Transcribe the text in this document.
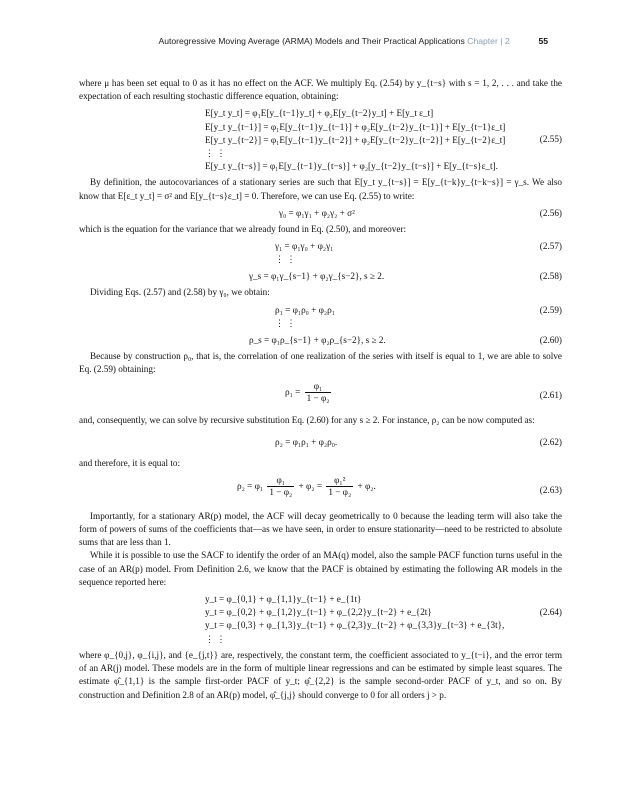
Autoregressive Moving Average (ARMA) Models and Their Practical Applications Chapter | 2	55

where μ has been set equal to 0 as it has no effect on the ACF. We multiply Eq. (2.54) by y_{t−s} with s = 1, 2, . . . and take the expectation of each resulting stochastic difference equation, obtaining:

E[y_t y_t] = φ₁E[y_{t−1}y_t] + φ₂E[y_{t−2}y_t] + E[y_t ε_t]
E[y_t y_{t−1}] = φ₁E[y_{t−1}y_{t−1}] + φ₂E[y_{t−2}y_{t−1}] + E[y_{t−1}ε_t]
E[y_t y_{t−2}] = φ₁E[y_{t−1}y_{t−2}] + φ₂E[y_{t−2}y_{t−2}] + E[y_{t−2}ε_t]
⋮ ⋮
E[y_t y_{t−s}] = φ₁E[y_{t−1}y_{t−s}] + φ₂[y_{t−2}y_{t−s}] + E[y_{t−s}ε_t].
(2.55)

By definition, the autocovariances of a stationary series are such that E[y_t y_{t−s}] = E[y_{t−k}y_{t−k−s}] = γ_s. We also know that E[ε_t y_t] = σ² and E[y_{t−s}ε_t] = 0. Therefore, we can use Eq. (2.55) to write:

γ₀ = φ₁γ₁ + φ₂γ₂ + σ²	(2.56)

which is the equation for the variance that we already found in Eq. (2.50), and moreover:

γ₁ = φ₁γ₀ + φ₂γ₁
⋮ ⋮
(2.57)
γ_s = φ₁γ_{s−1} + φ₂γ_{s−2}, s ≥ 2.	(2.58)

Dividing Eqs. (2.57) and (2.58) by γ₀, we obtain:

ρ₁ = φ₁ρ₀ + φ₂ρ₁
⋮ ⋮
(2.59)
ρ_s = φ₁ρ_{s−1} + φ₂ρ_{s−2}, s ≥ 2.	(2.60)

Because by construction ρ₀, that is, the correlation of one realization of the series with itself is equal to 1, we are able to solve Eq. (2.59) obtaining:

$\rho_1 = \frac{\text{φ₁}}{\text{1 − φ₂}}$	(2.61)

and, consequently, we can solve by recursive substitution Eq. (2.60) for any s ≥ 2. For instance, ρ₂ can be now computed as:

ρ₂ = φ₁ρ₁ + φ₂ρ₀.	(2.62)

and therefore, it is equal to:

$\rho_2 = \varphi_1 \frac{\text{φ₁}}{\text{1 − φ₂}} + \varphi_2 = \frac{\text{φ₁²}}{\text{1 − φ₂}} + \varphi_2$.	(2.63)

Importantly, for a stationary AR(p) model, the ACF will decay geometrically to 0 because the leading term will also take the form of powers of sums of the coefficients that—as we have seen, in order to ensure stationarity—need to be restricted to absolute sums that are less than 1.

While it is possible to use the SACF to identify the order of an MA(q) model, also the sample PACF function turns useful in the case of an AR(p) model. From Definition 2.6, we know that the PACF is obtained by estimating the following AR models in the sequence reported here:

y_t = φ_{0,1} + φ_{1,1}y_{t−1} + e_{1t}
y_t = φ_{0,2} + φ_{1,2}y_{t−1} + φ_{2,2}y_{t−2} + e_{2t}
y_t = φ_{0,3} + φ_{1,3}y_{t−1} + φ_{2,3}y_{t−2} + φ_{3,3}y_{t−3} + e_{3t},
⋮ ⋮
(2.64)

where φ_{0,j}, φ_{i,j}, and {e_{j,t}} are, respectively, the constant term, the coefficient associated to y_{t−i}, and the error term of an AR(j) model. These models are in the form of multiple linear regressions and can be estimated by simple least squares. The estimate φ̂_{1,1} is the sample first-order PACF of y_t; φ̂_{2,2} is the sample second-order PACF of y_t, and so on. By construction and Definition 2.8 of an AR(p) model, φ̂_{j,j} should converge to 0 for all orders j > p.
